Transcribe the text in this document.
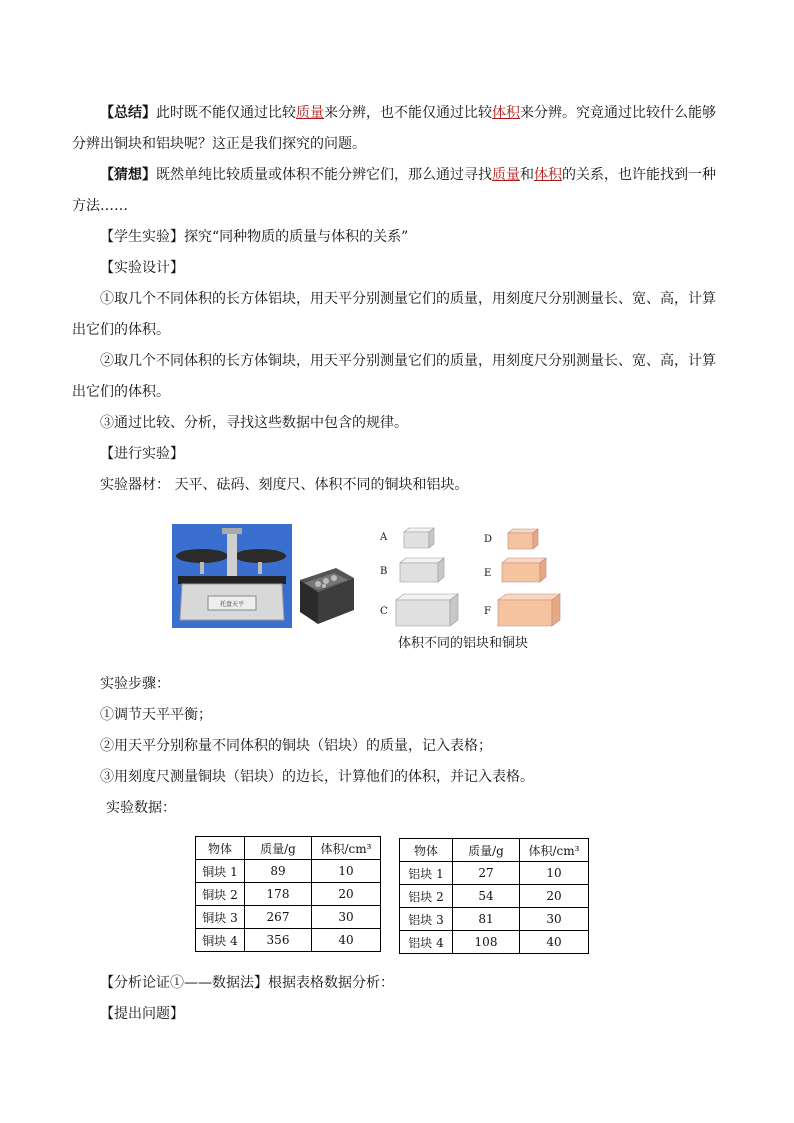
【总结】此时既不能仅通过比较质量来分辨，也不能仅通过比较体积来分辨。究竟通过比较什么能够
分辨出铜块和铝块呢？这正是我们探究的问题。
【猜想】既然单纯比较质量或体积不能分辨它们，那么通过寻找质量和体积的关系，也许能找到一种
方法……
【学生实验】探究“同种物质的质量与体积的关系”
【实验设计】
①取几个不同体积的长方体铝块，用天平分别测量它们的质量，用刻度尺分别测量长、宽、高，计算
出它们的体积。
②取几个不同体积的长方体铜块，用天平分别测量它们的质量，用刻度尺分别测量长、宽、高，计算
出它们的体积。
③通过比较、分析，寻找这些数据中包含的规律。
【进行实验】
实验器材： 天平、砝码、刻度尺、体积不同的铜块和铝块。
托盘天平
A
B
C
D
E
F
体积不同的铝块和铜块
实验步骤：
①调节天平平衡；
②用天平分别称量不同体积的铜块（铝块）的质量，记入表格；
③用刻度尺测量铜块（铝块）的边长，计算他们的体积，并记入表格。
实验数据：
物体	质量/g	体积/cm³
铜块 1	89	10
铜块 2	178	20
铜块 3	267	30
铜块 4	356	40
物体	质量/g	体积/cm³
铝块 1	27	10
铝块 2	54	20
铝块 3	81	30
铝块 4	108	40
【分析论证①——数据法】根据表格数据分析：
【提出问题】
